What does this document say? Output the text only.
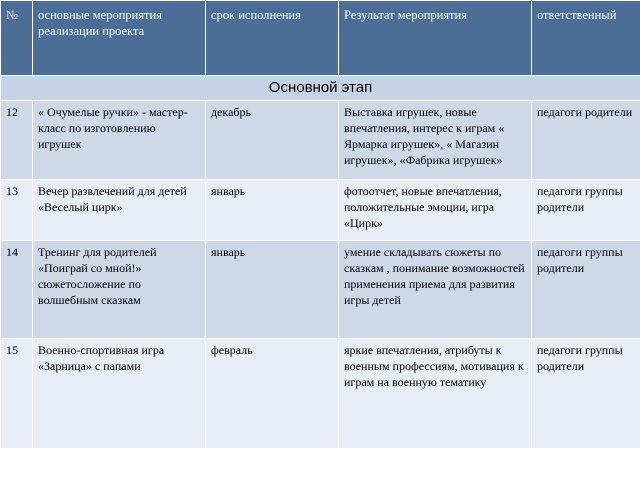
№	основные мероприятия реализации проекта	срок исполнения	Результат мероприятия	ответственный
Основной этап				
12	« Очумелые ручки» - мастер-класс по изготовлению игрушек	декабрь	Выставка игрушек, новые впечатления, интерес к играм « Ярмарка игрушек», « Магазин игрушек», «Фабрика игрушек»	педагоги родители
13	Вечер развлечений для детей «Веселый цирк»	январь	фотоотчет, новые впечатления, положительные эмоции, игра «Цирк»	педагоги группы родители
14	Тренинг для родителей «Поиграй со мной!» сюжетосложение по волшебным сказкам	январь	умение складывать сюжеты по сказкам , понимание возможностей применения приема для развития игры детей	педагоги группы родители
15	Военно-спортивная игра «Зарница» с папами	февраль	яркие впечатления, атрибуты к военным профессиям, мотивация к играм на военную тематику	педагоги группы родители
